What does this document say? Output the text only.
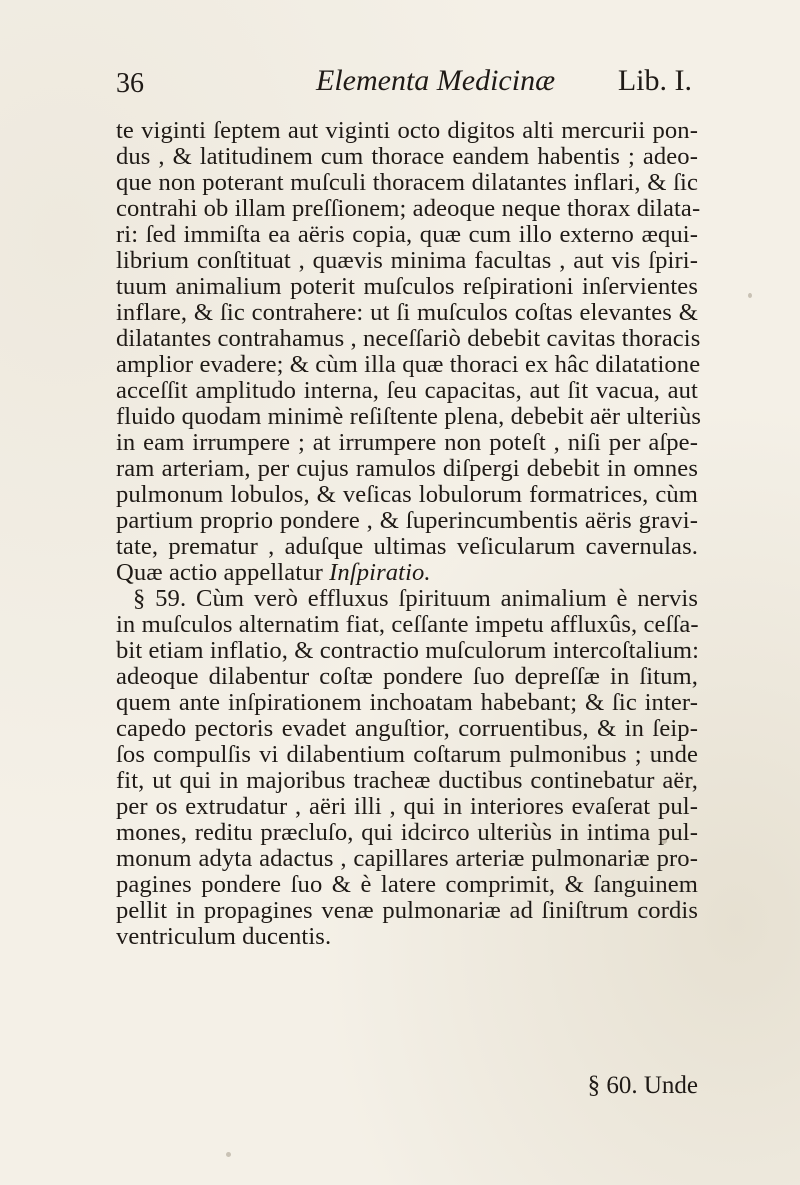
36	Elementa Medicinæ Lib. I.
te viginti ſeptem aut viginti octo digitos alti mercurii pon-
dus , & latitudinem cum thorace eandem habentis ; adeo-
que non poterant muſculi thoracem dilatantes inflari, & ſic
contrahi ob illam preſſionem; adeoque neque thorax dilata-
ri: ſed immiſta ea aëris copia, quæ cum illo externo æqui-
librium conſtituat , quævis minima facultas , aut vis ſpiri-
tuum animalium poterit muſculos reſpirationi inſervientes
inflare, & ſic contrahere: ut ſi muſculos coſtas elevantes &
dilatantes contrahamus , neceſſariò debebit cavitas thoracis
amplior evadere; & cùm illa quæ thoraci ex hâc dilatatione
acceſſit amplitudo interna, ſeu capacitas, aut ſit vacua, aut
fluido quodam minimè reſiſtente plena, debebit aër ulteriùs
in eam irrumpere ; at irrumpere non poteſt , niſi per aſpe-
ram arteriam, per cujus ramulos diſpergi debebit in omnes
pulmonum lobulos, & veſicas lobulorum formatrices, cùm
partium proprio pondere , & ſuperincumbentis aëris gravi-
tate, prematur , aduſque ultimas veſicularum cavernulas.
Quæ actio appellatur Inſpiratio.
§ 59. Cùm verò effluxus ſpirituum animalium è nervis
in muſculos alternatim fiat, ceſſante impetu affluxûs, ceſſa-
bit etiam inflatio, & contractio muſculorum intercoſtalium:
adeoque dilabentur coſtæ pondere ſuo depreſſæ in ſitum,
quem ante inſpirationem inchoatam habebant; & ſic inter-
capedo pectoris evadet anguſtior, corruentibus, & in ſeip-
ſos compulſis vi dilabentium coſtarum pulmonibus ; unde
fit, ut qui in majoribus tracheæ ductibus continebatur aër,
per os extrudatur , aëri illi , qui in interiores evaſerat pul-
mones, reditu præcluſo, qui idcirco ulteriùs in intima pul-
monum adyta adactus , capillares arteriæ pulmonariæ pro-
pagines pondere ſuo & è latere comprimit, & ſanguinem
pellit in propagines venæ pulmonariæ ad ſiniſtrum cordis
ventriculum ducentis.
§ 60. Unde
